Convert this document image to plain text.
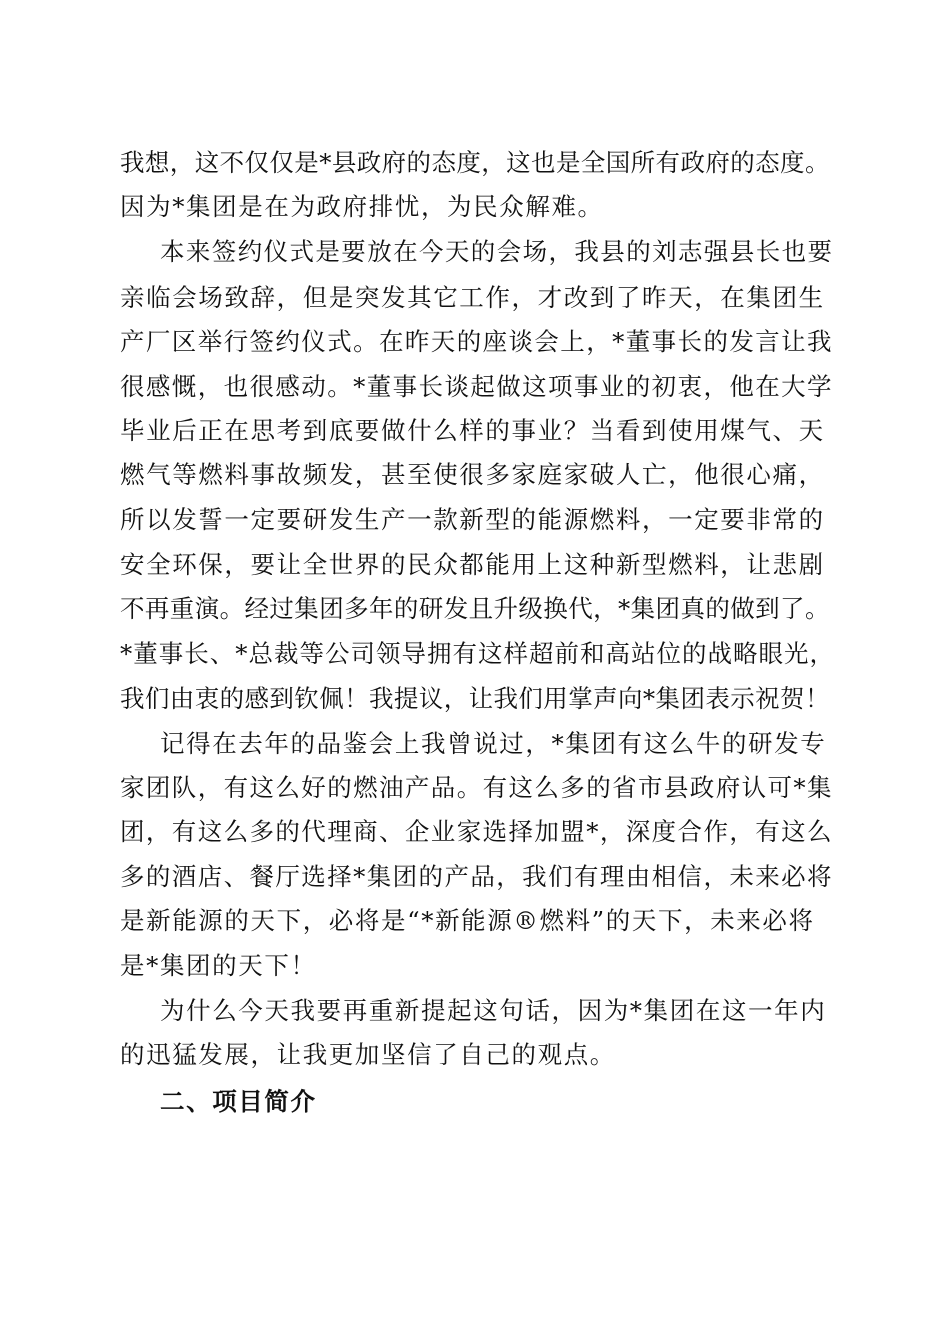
我想，这不仅仅是*县政府的态度，这也是全国所有政府的态度。
因为*集团是在为政府排忧，为民众解难。
本来签约仪式是要放在今天的会场，我县的刘志强县长也要
亲临会场致辞，但是突发其它工作，才改到了昨天，在集团生
产厂区举行签约仪式。在昨天的座谈会上，*董事长的发言让我
很感慨，也很感动。*董事长谈起做这项事业的初衷，他在大学
毕业后正在思考到底要做什么样的事业？当看到使用煤气、天
燃气等燃料事故频发，甚至使很多家庭家破人亡，他很心痛，
所以发誓一定要研发生产一款新型的能源燃料，一定要非常的
安全环保，要让全世界的民众都能用上这种新型燃料，让悲剧
不再重演。经过集团多年的研发且升级换代，*集团真的做到了。
*董事长、*总裁等公司领导拥有这样超前和高站位的战略眼光，
我们由衷的感到钦佩！我提议，让我们用掌声向*集团表示祝贺！
记得在去年的品鉴会上我曾说过，*集团有这么牛的研发专
家团队，有这么好的燃油产品。有这么多的省市县政府认可*集
团，有这么多的代理商、企业家选择加盟*，深度合作，有这么
多的酒店、餐厅选择*集团的产品，我们有理由相信，未来必将
是新能源的天下，必将是“*新能源®燃料”的天下，未来必将
是*集团的天下！
为什么今天我要再重新提起这句话，因为*集团在这一年内
的迅猛发展，让我更加坚信了自己的观点。
二、项目简介
